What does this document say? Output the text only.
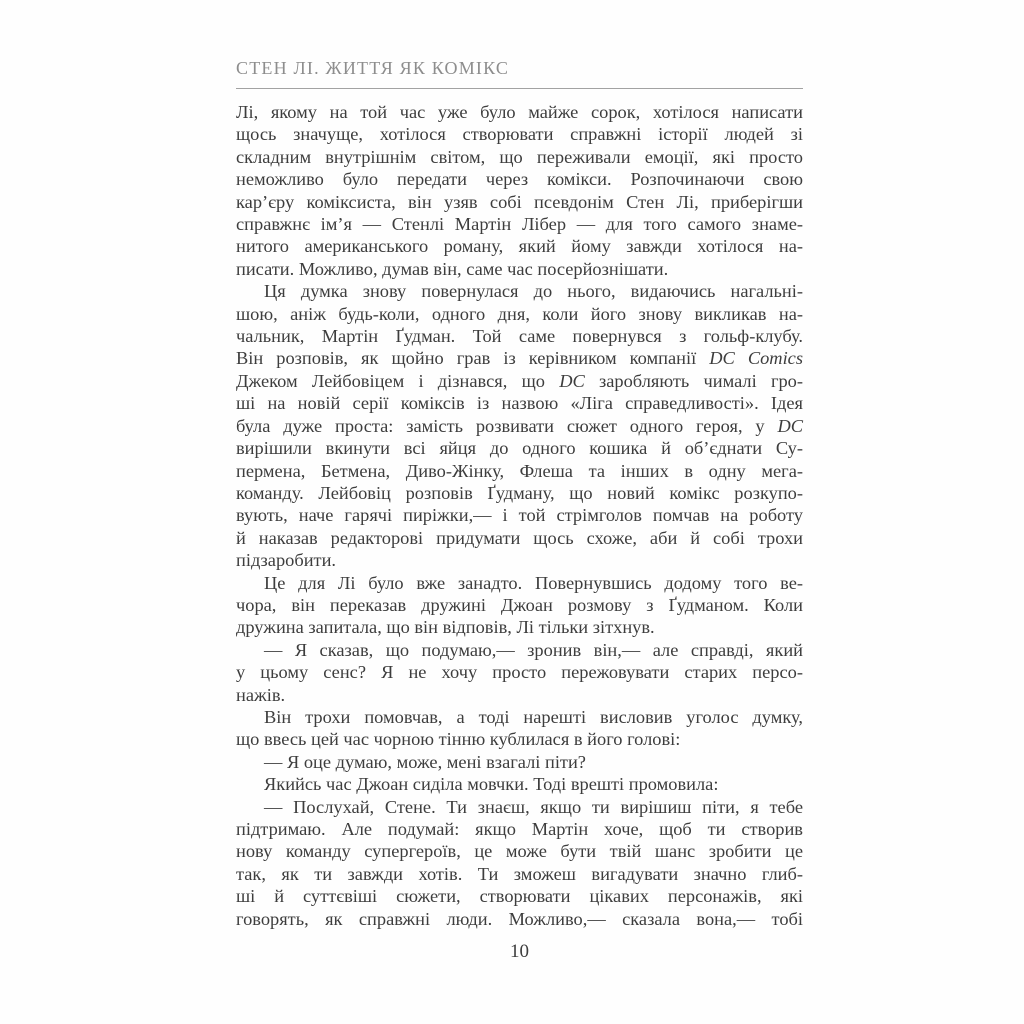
СТЕН ЛІ. ЖИТТЯ ЯК КОМІКС
Лі, якому на той час уже було майже сорок, хотілося написати
щось значуще, хотілося створювати справжні історії людей зі
складним внутрішнім світом, що переживали емоції, які просто
неможливо було передати через комікси. Розпочинаючи свою
кар’єру коміксиста, він узяв собі псевдонім Стен Лі, приберігши
справжнє ім’я — Стенлі Мартін Лібер — для того самого знаме-
нитого американського роману, який йому завжди хотілося на-
писати. Можливо, думав він, саме час посерйознішати.
Ця думка знову повернулася до нього, видаючись нагальні-
шою, аніж будь-коли, одного дня, коли його знову викликав на-
чальник, Мартін Ґудман. Той саме повернувся з гольф-клубу.
Він розповів, як щойно грав із керівником компанії DC Comics
Джеком Лейбовіцем і дізнався, що DC заробляють чималі гро-
ші на новій серії коміксів із назвою «Ліга справедливості». Ідея
була дуже проста: замість розвивати сюжет одного героя, у DC
вирішили вкинути всі яйця до одного кошика й об’єднати Су-
пермена, Бетмена, Диво-Жінку, Флеша та інших в одну мега-
команду. Лейбовіц розповів Ґудману, що новий комікс розкупо-
вують, наче гарячі пиріжки,— і той стрімголов помчав на роботу
й наказав редакторові придумати щось схоже, аби й собі трохи
підзаробити.
Це для Лі було вже занадто. Повернувшись додому того ве-
чора, він переказав дружині Джоан розмову з Ґудманом. Коли
дружина запитала, що він відповів, Лі тільки зітхнув.
— Я сказав, що подумаю,— зронив він,— але справді, який
у цьому сенс? Я не хочу просто пережовувати старих персо-
нажів.
Він трохи помовчав, а тоді нарешті висловив уголос думку,
що ввесь цей час чорною тінню кублилася в його голові:
— Я оце думаю, може, мені взагалі піти?
Якийсь час Джоан сиділа мовчки. Тоді врешті промовила:
— Послухай, Стене. Ти знаєш, якщо ти вирішиш піти, я тебе
підтримаю. Але подумай: якщо Мартін хоче, щоб ти створив
нову команду супергероїв, це може бути твій шанс зробити це
так, як ти завжди хотів. Ти зможеш вигадувати значно глиб-
ші й суттєвіші сюжети, створювати цікавих персонажів, які
говорять, як справжні люди. Можливо,— сказала вона,— тобі
10
